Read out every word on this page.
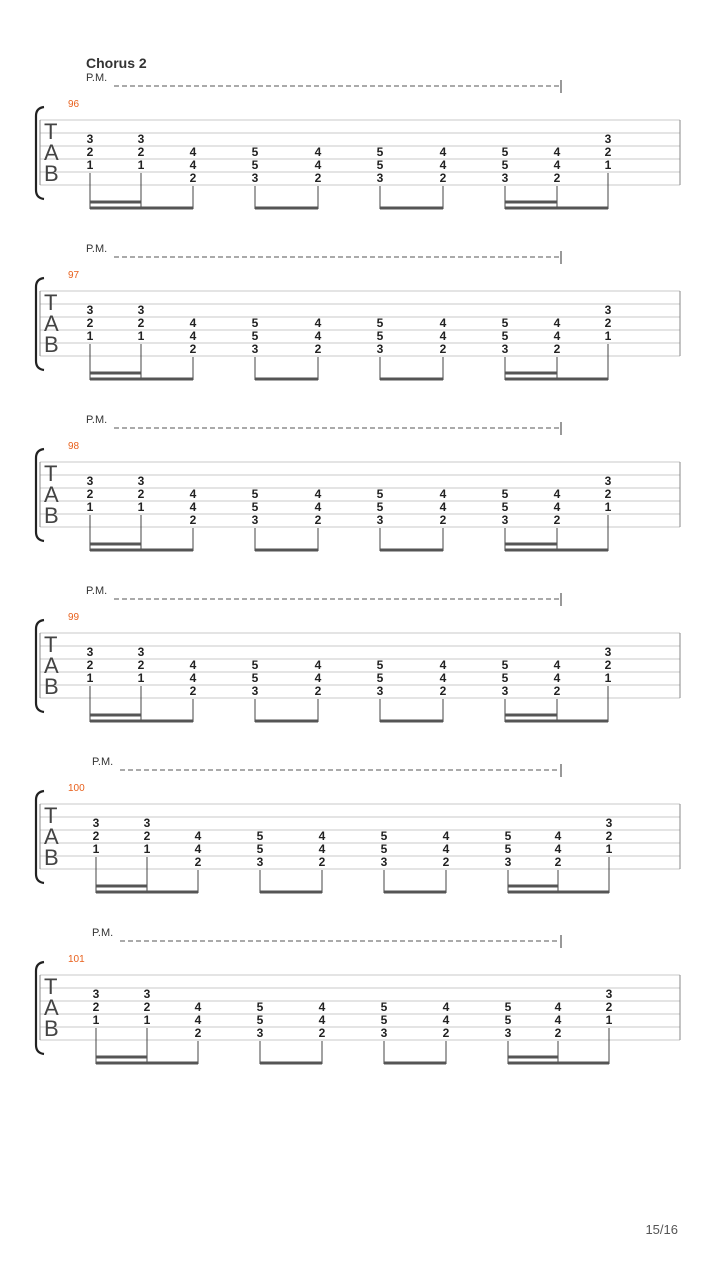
Chorus 2
P.M.
96
T
A
B
3
2
1
3
2
1
4
4
2
5
5
3
4
4
2
5
5
3
4
4
2
5
5
3
4
4
2
3
2
1
P.M.
97
T
A
B
3
2
1
3
2
1
4
4
2
5
5
3
4
4
2
5
5
3
4
4
2
5
5
3
4
4
2
3
2
1
P.M.
98
T
A
B
3
2
1
3
2
1
4
4
2
5
5
3
4
4
2
5
5
3
4
4
2
5
5
3
4
4
2
3
2
1
P.M.
99
T
A
B
3
2
1
3
2
1
4
4
2
5
5
3
4
4
2
5
5
3
4
4
2
5
5
3
4
4
2
3
2
1
P.M.
100
T
A
B
3
2
1
3
2
1
4
4
2
5
5
3
4
4
2
5
5
3
4
4
2
5
5
3
4
4
2
3
2
1
P.M.
101
T
A
B
3
2
1
3
2
1
4
4
2
5
5
3
4
4
2
5
5
3
4
4
2
5
5
3
4
4
2
3
2
1
15/16
